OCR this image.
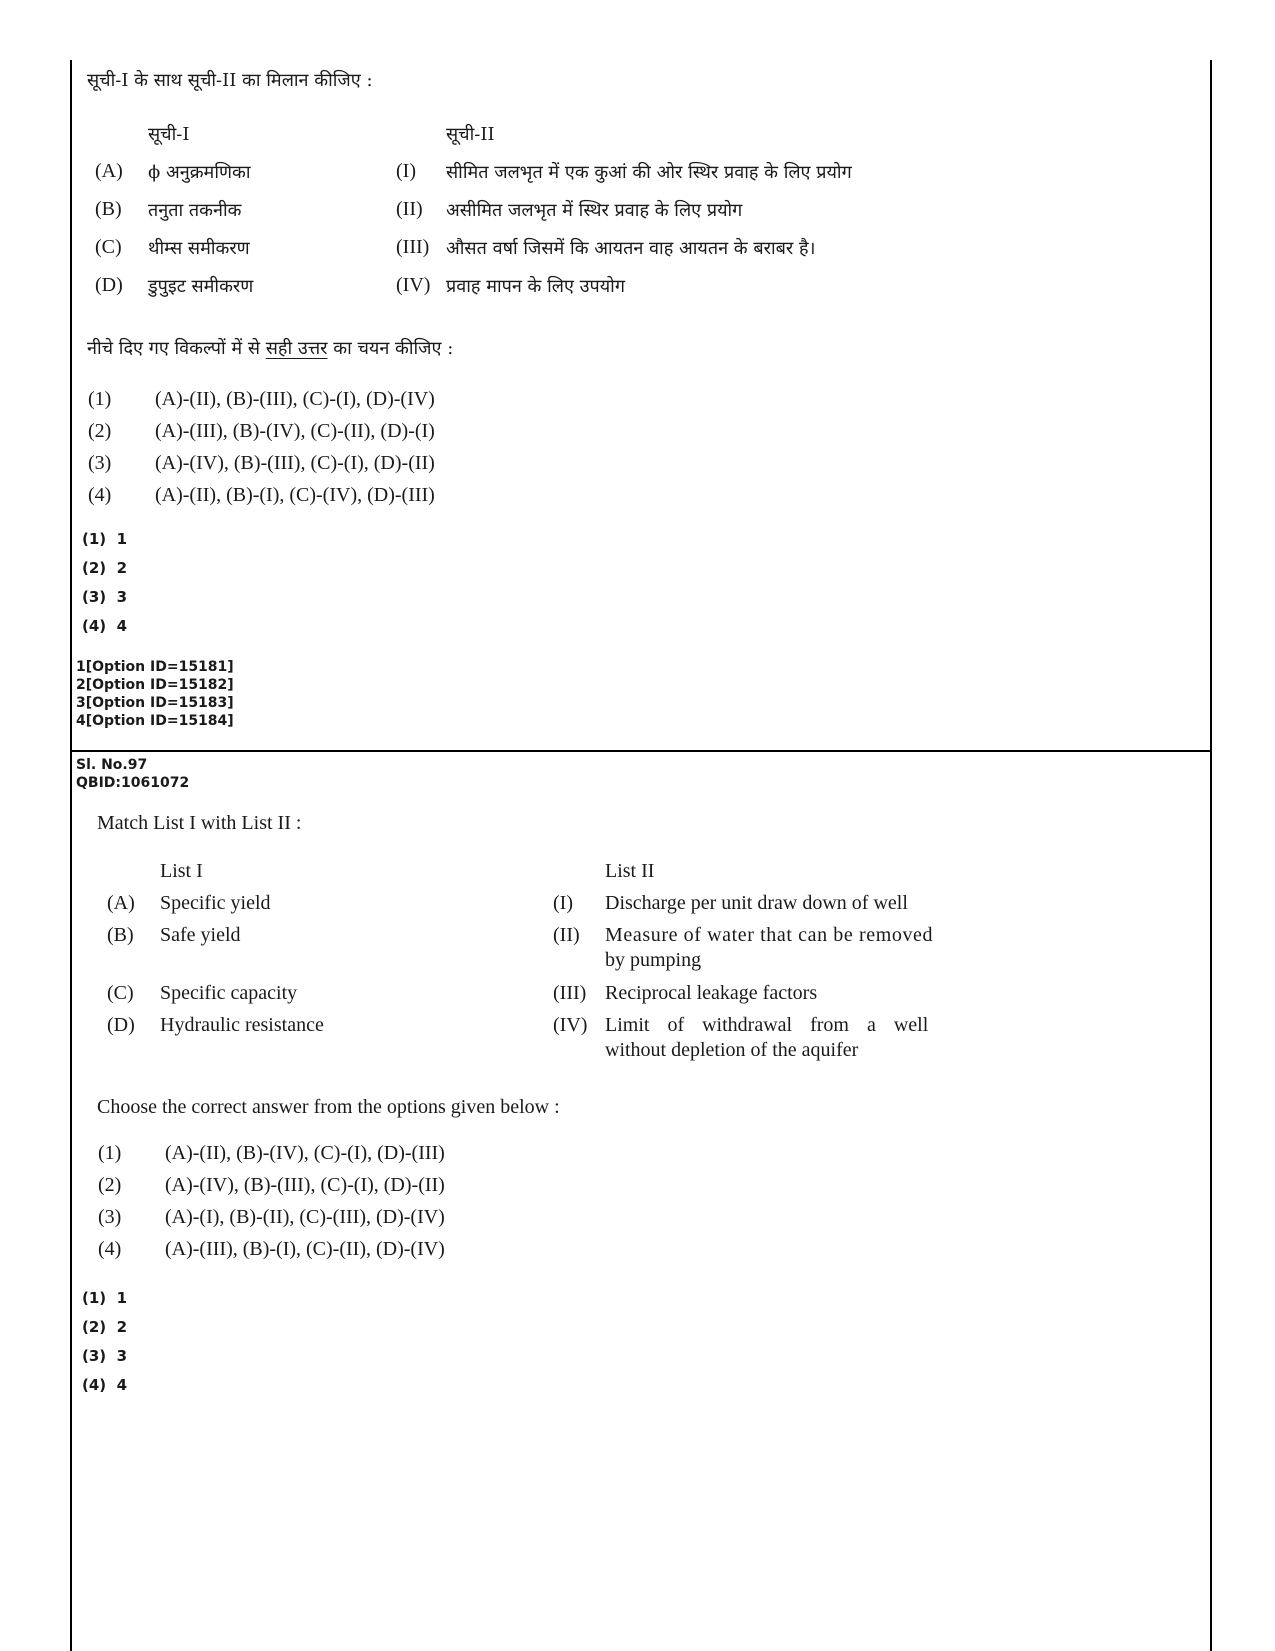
सूची-I के साथ सूची-II का मिलान कीजिए :
सूची-I	सूची-II
(A) ϕ अनुक्रमणिका	(I) सीमित जलभृत में एक कुआं की ओर स्थिर प्रवाह के लिए प्रयोग
(B) तनुता तकनीक	(II) असीमित जलभृत में स्थिर प्रवाह के लिए प्रयोग
(C) थीम्स समीकरण	(III) औसत वर्षा जिसमें कि आयतन वाह आयतन के बराबर है।
(D) डुपुइट समीकरण	(IV) प्रवाह मापन के लिए उपयोग
नीचे दिए गए विकल्पों में से सही उत्तर का चयन कीजिए :
(1) (A)-(II), (B)-(III), (C)-(I), (D)-(IV)
(2) (A)-(III), (B)-(IV), (C)-(II), (D)-(I)
(3) (A)-(IV), (B)-(III), (C)-(I), (D)-(II)
(4) (A)-(II), (B)-(I), (C)-(IV), (D)-(III)
(1)  1
(2)  2
(3)  3
(4)  4
1[Option ID=15181]
2[Option ID=15182]
3[Option ID=15183]
4[Option ID=15184]
Sl. No.97
QBID:1061072
Match List I with List II :
List I	List II
(A) Specific yield	(I) Discharge per unit draw down of well
(B) Safe yield	(II) Measure of water that can be removed
by pumping
(C) Specific capacity	(III) Reciprocal leakage factors
(D) Hydraulic resistance	(IV) Limit of withdrawal from a well
without depletion of the aquifer
Choose the correct answer from the options given below :
(1) (A)-(II), (B)-(IV), (C)-(I), (D)-(III)
(2) (A)-(IV), (B)-(III), (C)-(I), (D)-(II)
(3) (A)-(I), (B)-(II), (C)-(III), (D)-(IV)
(4) (A)-(III), (B)-(I), (C)-(II), (D)-(IV)
(1)  1
(2)  2
(3)  3
(4)  4
